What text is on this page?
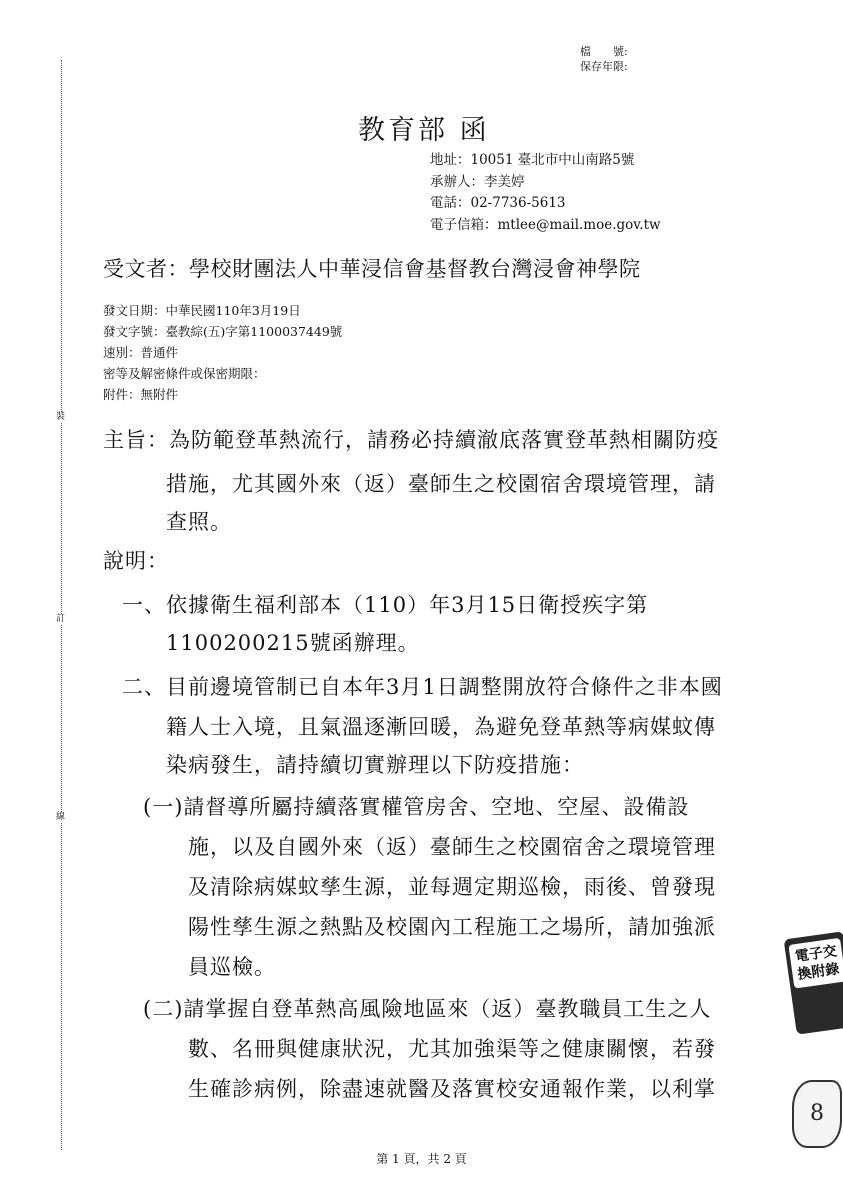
裝
訂
線
檔　　號:
保存年限:
教育部 函
地址：10051 臺北市中山南路5號
承辦人：李美婷
電話：02-7736-5613
電子信箱：mtlee@mail.moe.gov.tw
受文者：學校財團法人中華浸信會基督教台灣浸會神學院
發文日期：中華民國110年3月19日
發文字號：臺教綜(五)字第1100037449號
速別：普通件
密等及解密條件或保密期限：
附件：無附件
主旨：為防範登革熱流行，請務必持續澈底落實登革熱相關防疫
措施，尤其國外來（返）臺師生之校園宿舍環境管理，請
查照。
說明：
一、依據衛生福利部本（110）年3月15日衛授疾字第
1100200215號函辦理。
二、目前邊境管制已自本年3月1日調整開放符合條件之非本國
籍人士入境，且氣溫逐漸回暖，為避免登革熱等病媒蚊傳
染病發生，請持續切實辦理以下防疫措施：
(一)請督導所屬持續落實權管房舍、空地、空屋、設備設
施，以及自國外來（返）臺師生之校園宿舍之環境管理
及清除病媒蚊孳生源，並每週定期巡檢，雨後、曾發現
陽性孳生源之熱點及校園內工程施工之場所，請加強派
員巡檢。
(二)請掌握自登革熱高風險地區來（返）臺教職員工生之人
數、名冊與健康狀況，尤其加強渠等之健康關懷，若發
生確診病例，除盡速就醫及落實校安通報作業，以利掌
電子交換附錄
8
第 1 頁，共 2 頁
